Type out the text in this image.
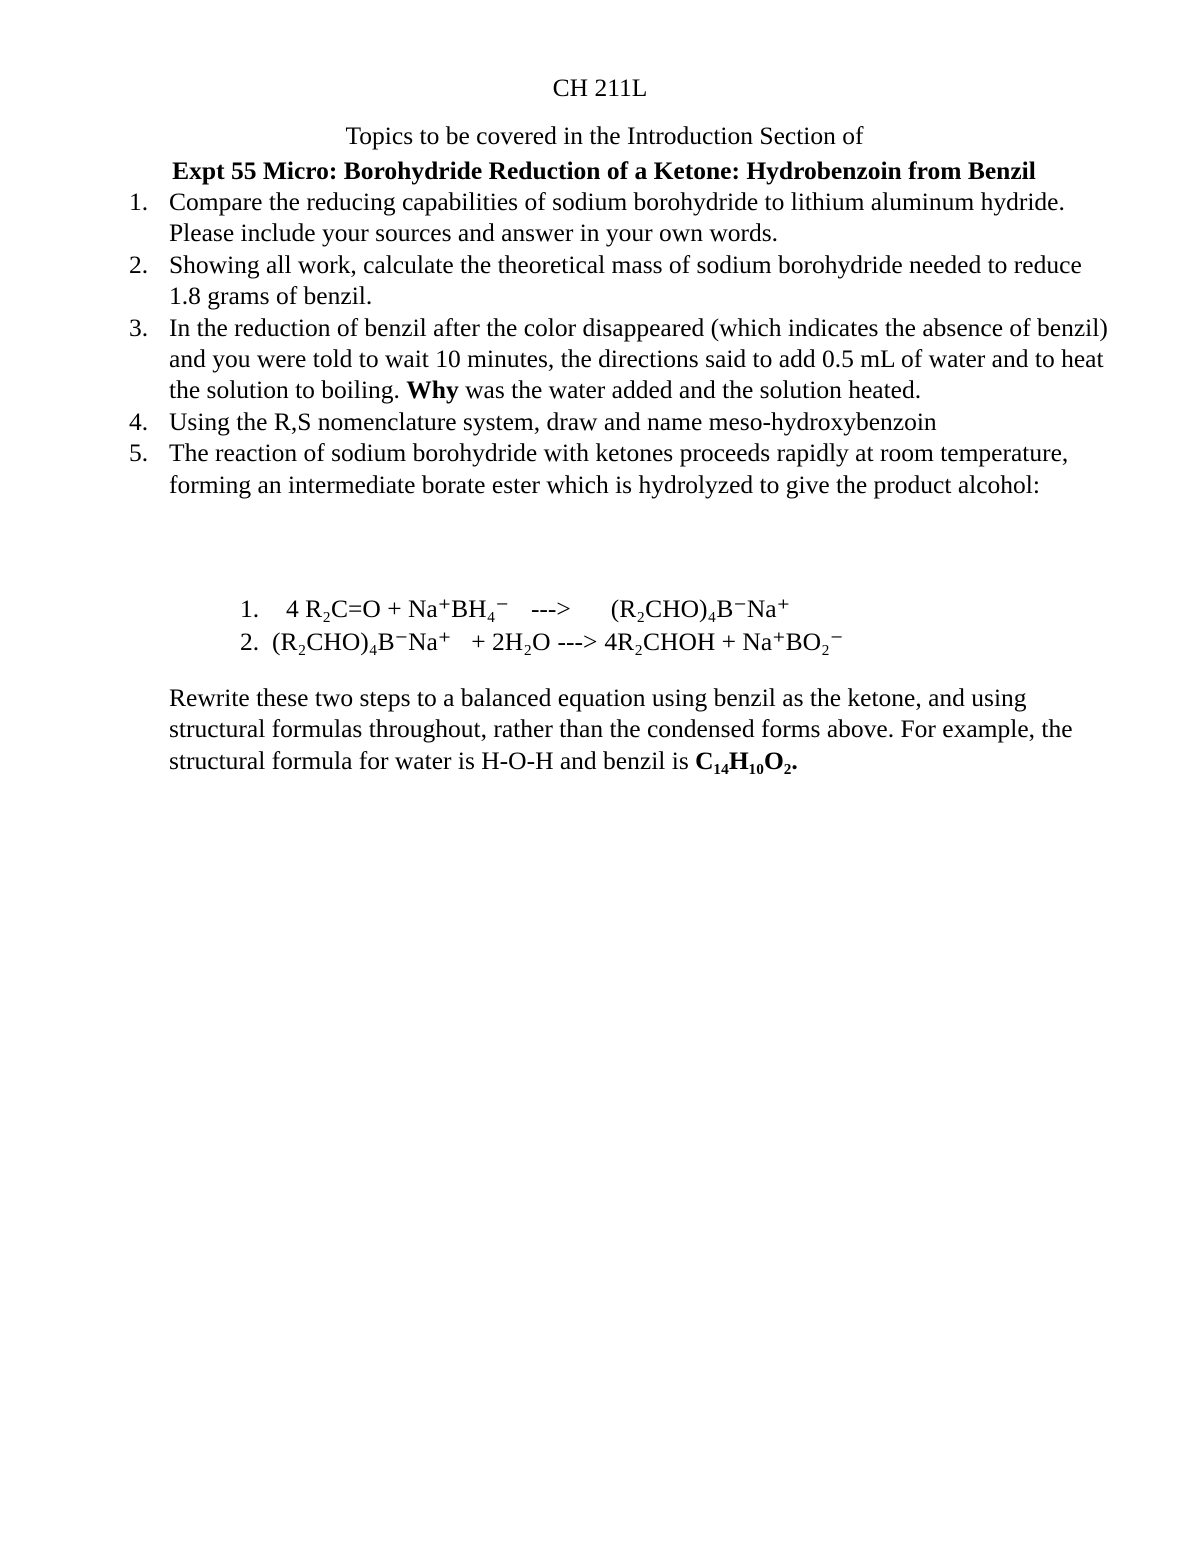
CH 211L
Topics to be covered in the Introduction Section of
Expt 55 Micro: Borohydride Reduction of a Ketone: Hydrobenzoin from Benzil
1. Compare the reducing capabilities of sodium borohydride to lithium aluminum hydride. Please include your sources and answer in your own words.
2. Showing all work, calculate the theoretical mass of sodium borohydride needed to reduce 1.8 grams of benzil.
3. In the reduction of benzil after the color disappeared (which indicates the absence of benzil) and you were told to wait 10 minutes, the directions said to add 0.5 mL of water and to heat the solution to boiling. Why was the water added and the solution heated.
4. Using the R,S nomenclature system, draw and name meso-hydroxybenzoin
5. The reaction of sodium borohydride with ketones proceeds rapidly at room temperature, forming an intermediate borate ester which is hydrolyzed to give the product alcohol:
1. 4 R₂C=O + Na⁺BH₄⁻ ---> (R₂CHO)₄B⁻Na⁺
2. (R₂CHO)₄B⁻Na⁺ + 2H₂O ---> 4R₂CHOH + Na⁺BO₂⁻
Rewrite these two steps to a balanced equation using benzil as the ketone, and using structural formulas throughout, rather than the condensed forms above. For example, the structural formula for water is H-O-H and benzil is C₁₄H₁₀O₂.
